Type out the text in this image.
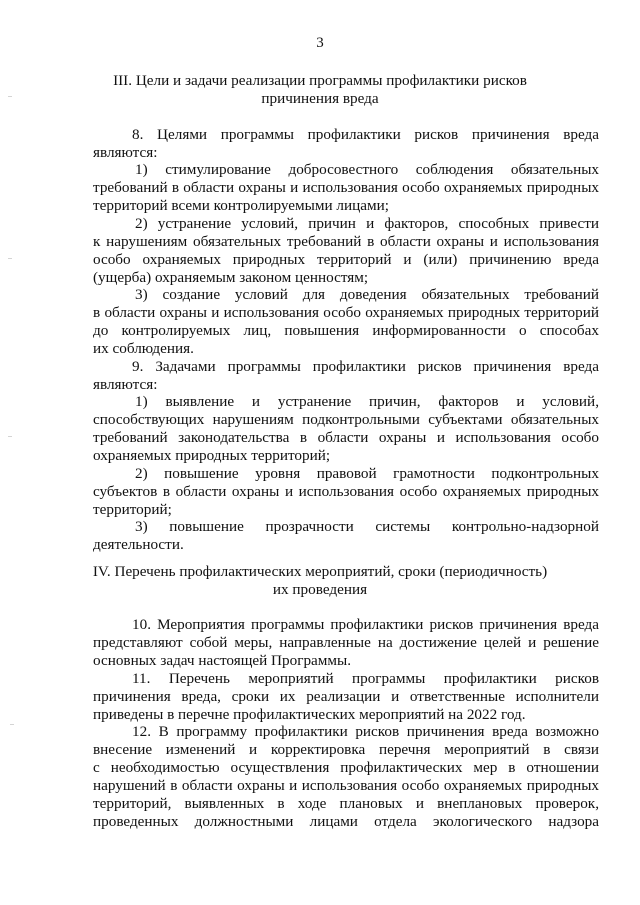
3
III. Цели и задачи реализации программы профилактики рисков
причинения вреда
8. Целями программы профилактики рисков причинения вреда
являются:
1) стимулирование добросовестного соблюдения обязательных
требований в области охраны и использования особо охраняемых природных
территорий всеми контролируемыми лицами;
2) устранение условий, причин и факторов, способных привести
к нарушениям обязательных требований в области охраны и использования
особо охраняемых природных территорий и (или) причинению вреда
(ущерба) охраняемым законом ценностям;
3) создание условий для доведения обязательных требований
в области охраны и использования особо охраняемых природных территорий
до контролируемых лиц, повышения информированности о способах
их соблюдения.
9. Задачами программы профилактики рисков причинения вреда
являются:
1) выявление и устранение причин, факторов и условий,
способствующих нарушениям подконтрольными субъектами обязательных
требований законодательства в области охраны и использования особо
охраняемых природных территорий;
2) повышение уровня правовой грамотности подконтрольных
субъектов в области охраны и использования особо охраняемых природных
территорий;
3) повышение прозрачности системы контрольно-надзорной
деятельности.
IV. Перечень профилактических мероприятий, сроки (периодичность)
их проведения
10. Мероприятия программы профилактики рисков причинения вреда
представляют собой меры, направленные на достижение целей и решение
основных задач настоящей Программы.
11. Перечень мероприятий программы профилактики рисков
причинения вреда, сроки их реализации и ответственные исполнители
приведены в перечне профилактических мероприятий на 2022 год.
12. В программу профилактики рисков причинения вреда возможно
внесение изменений и корректировка перечня мероприятий в связи
с необходимостью осуществления профилактических мер в отношении
нарушений в области охраны и использования особо охраняемых природных
территорий, выявленных в ходе плановых и внеплановых проверок,
проведенных должностными лицами отдела экологического надзора
